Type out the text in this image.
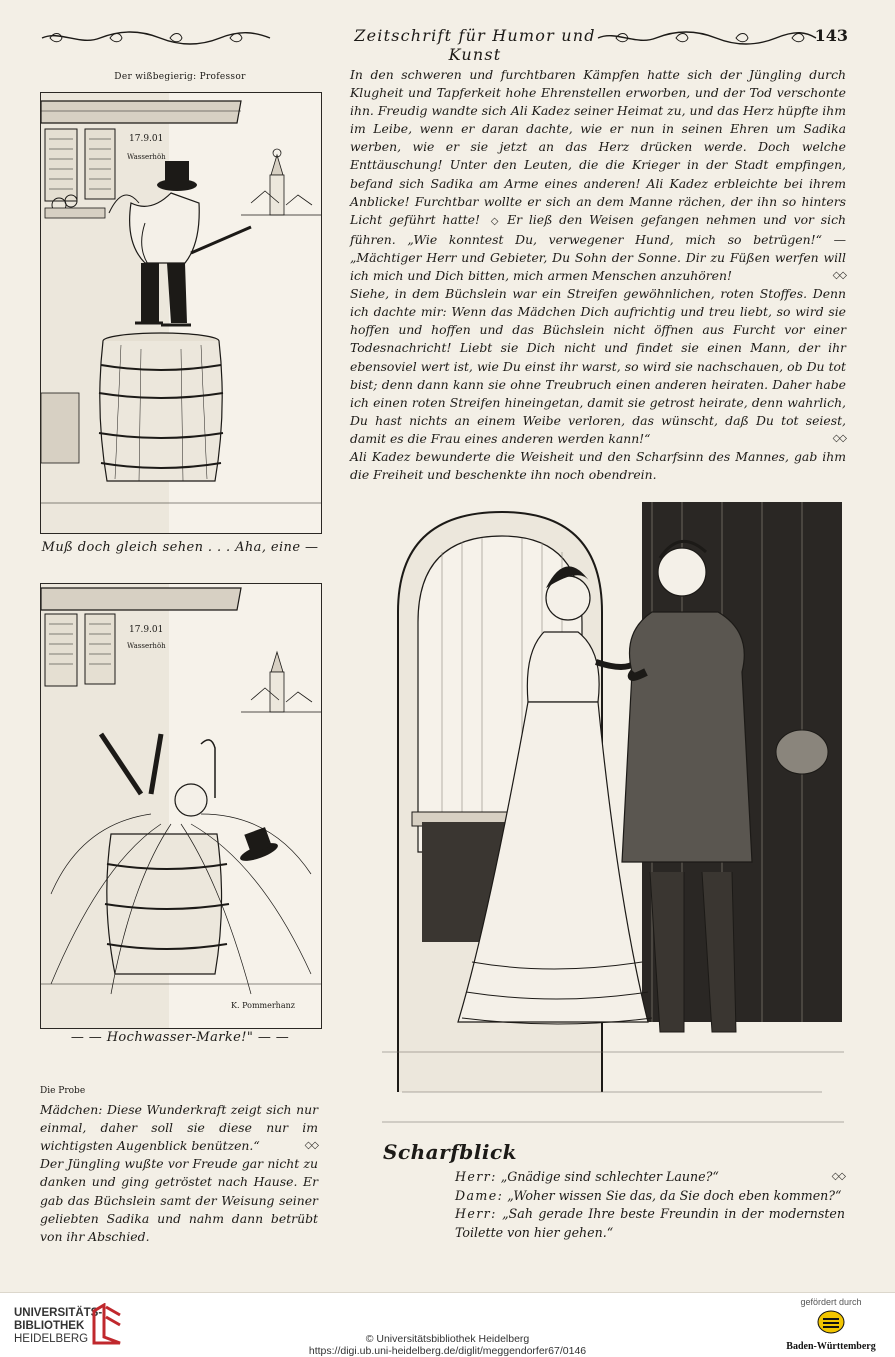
Zeitschrift für Humor und Kunst
143
Der wißbegierig: Professor
17.9.01
Wasserhöh
Muß doch gleich sehen . . . Aha, eine —
17.9.01
Wasserhöh
K. Pommerhanz
— — Hochwasser-Marke!" — —

In den schweren und furchtbaren Kämpfen hatte sich der Jüngling durch Klugheit und Tapferkeit hohe Ehrenstellen erworben, und der Tod verschonte ihn. Freudig wandte sich Ali Kadez seiner Heimat zu, und das Herz hüpfte ihm im Leibe, wenn er daran dachte, wie er nun in seinen Ehren um Sadika werben, wie er sie jetzt an das Herz drücken werde. Doch welche Enttäuschung! Unter den Leuten, die die Krieger in der Stadt empfingen, befand sich Sadika am Arme eines anderen! Ali Kadez erbleichte bei ihrem Anblicke! Furchtbar wollte er sich an dem Manne rächen, der ihn so hinters Licht geführt hatte! ◇ Er ließ den Weisen gefangen nehmen und vor sich führen. „Wie konntest Du, verwegener Hund, mich so betrügen!“ — „Mächtiger Herr und Gebieter, Du Sohn der Sonne. Dir zu Füßen werfen will ich mich und Dich bitten, mich armen Menschen anzuhören!	◇◇

Siehe, in dem Büchslein war ein Streifen gewöhnlichen, roten Stoffes. Denn ich dachte mir: Wenn das Mädchen Dich aufrichtig und treu liebt, so wird sie hoffen und hoffen und das Büchslein nicht öffnen aus Furcht vor einer Todesnachricht! Liebt sie Dich nicht und findet sie einen Mann, der ihr ebensoviel wert ist, wie Du einst ihr warst, so wird sie nachschauen, ob Du tot bist; denn dann kann sie ohne Treubruch einen anderen heiraten. Daher habe ich einen roten Streifen hineingetan, damit sie getrost heirate, denn wahrlich, Du hast nichts an einem Weibe verloren, das wünscht, daß Du tot seiest, damit es die Frau eines anderen werden kann!“	◇◇

Ali Kadez bewunderte die Weisheit und den Scharfsinn des Mannes, gab ihm die Freiheit und beschenkte ihn noch obendrein.

Die Probe

Mädchen: Diese Wunderkraft zeigt sich nur einmal, daher soll sie diese nur im wichtigsten Augenblick benützen.“	◇◇

Der Jüngling wußte vor Freude gar nicht zu danken und ging getröstet nach Hause. Er gab das Büchslein samt der Weisung seiner geliebten Sadika und nahm dann betrübt von ihr Abschied.

Scharfblick
Herr: „Gnädige sind schlechter Laune?“	◇◇
Dame: „Woher wissen Sie das, da Sie doch eben kommen?“
Herr: „Sah gerade Ihre beste Freundin in der modernsten Toilette von hier gehen.“
UNIVERSITÄTS-
BIBLIOTHEK
HEIDELBERG	© Universitätsbibliothek Heidelberg
https://digi.ub.uni-heidelberg.de/diglit/meggendorfer67/0146
gefördert durch
Baden-Württemberg
